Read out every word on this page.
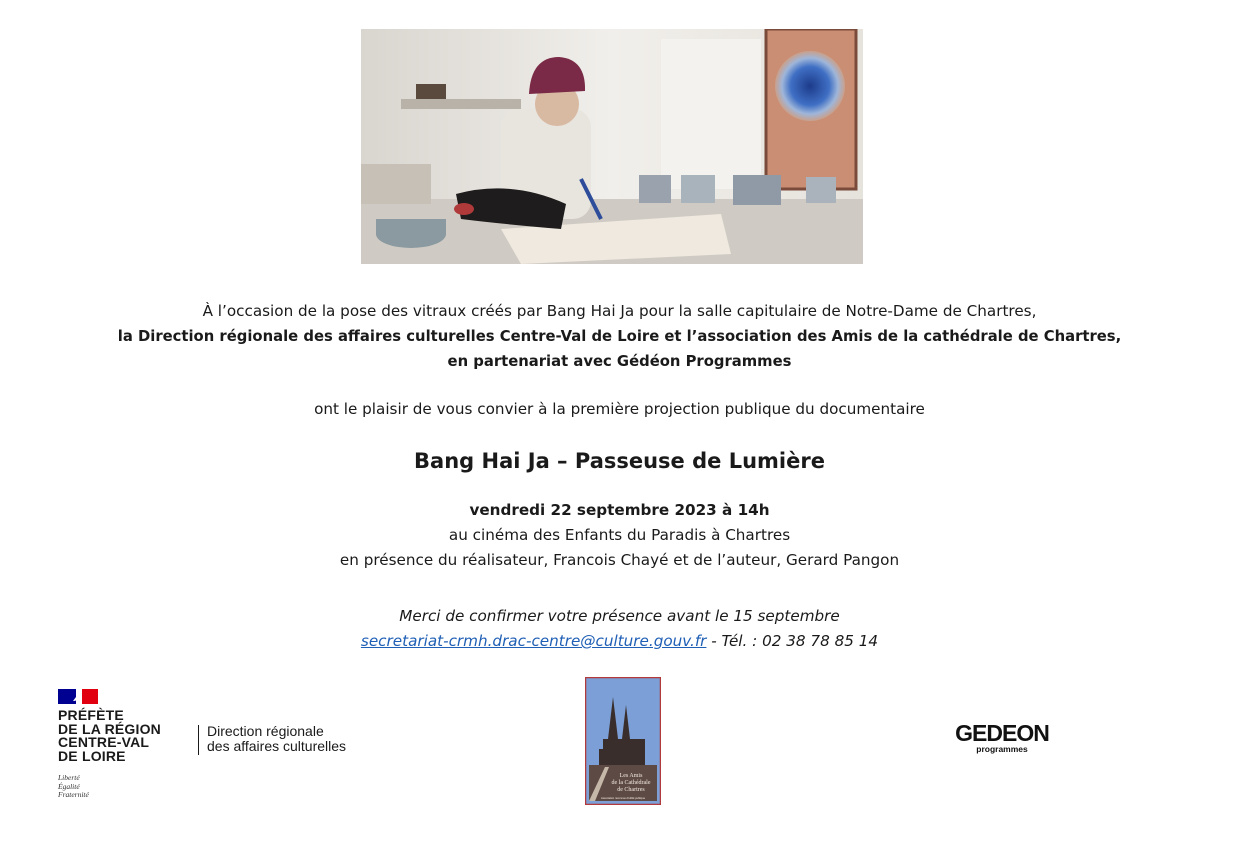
À l’occasion de la pose des vitraux créés par Bang Hai Ja pour la salle capitulaire de Notre-Dame de Chartres,
la Direction régionale des affaires culturelles Centre-Val de Loire et l’association des Amis de la cathédrale de Chartres,
en partenariat avec Gédéon Programmes
ont le plaisir de vous convier à la première projection publique du documentaire
Bang Hai Ja – Passeuse de Lumière
vendredi 22 septembre 2023 à 14h
au cinéma des Enfants du Paradis à Chartres
en présence du réalisateur, Francois Chayé et de l’auteur, Gerard Pangon
Merci de confirmer votre présence avant le 15 septembre
secretariat-crmh.drac-centre@culture.gouv.fr - Tél. : 02 38 78 85 14
PRÉFÈTE
DE LA RÉGION
CENTRE-VAL
DE LOIRE
Liberté
Égalité
Fraternité
Direction régionale
des affaires culturelles
Les Amis
de la Cathédrale
de Chartres
Association reconnue d'utilité publique
GEDEON
programmes
